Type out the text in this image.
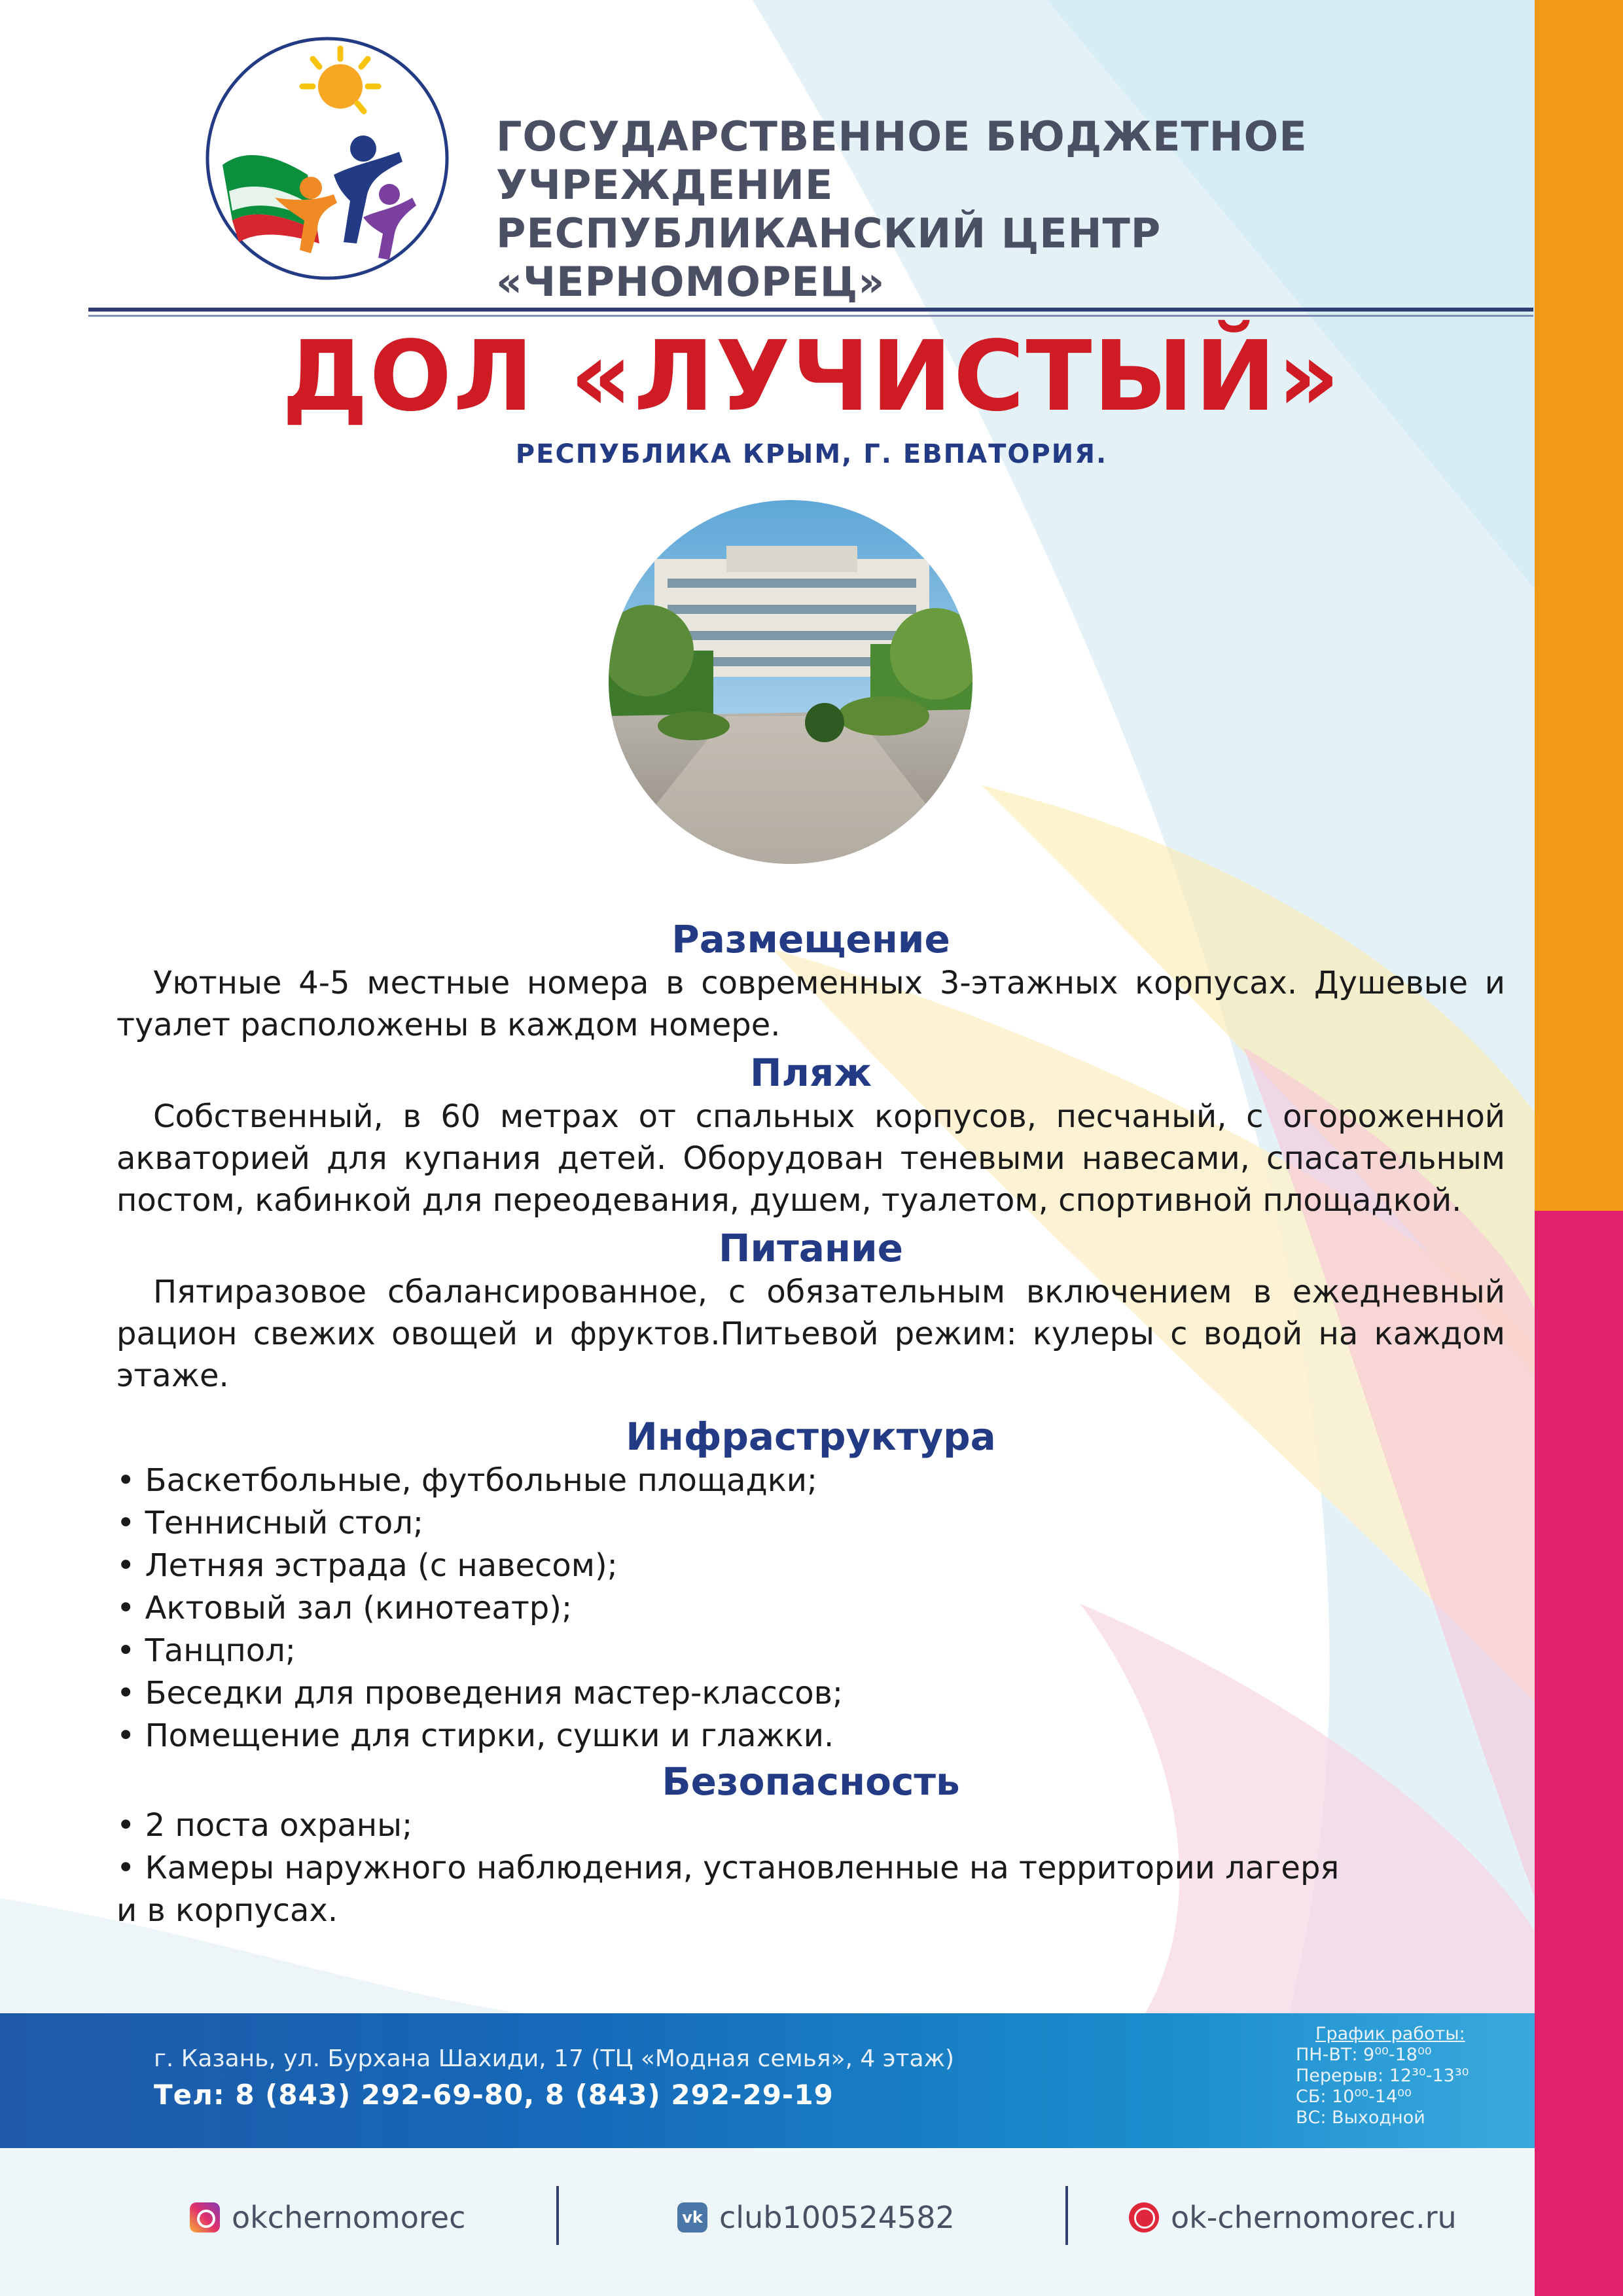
ГОСУДАРСТВЕННОЕ БЮДЖЕТНОЕ УЧРЕЖДЕНИЕ
РЕСПУБЛИКАНСКИЙ ЦЕНТР «ЧЕРНОМОРЕЦ»
ДОЛ «ЛУЧИСТЫЙ»
РЕСПУБЛИКА КРЫМ, Г. ЕВПАТОРИЯ.
Размещение

Уютные 4-5 местные номера в современных 3-этажных корпусах. Душевые и туалет расположены в каждом номере.

Пляж

Собственный, в 60 метрах от спальных корпусов, песчаный, с огороженной акваторией для купания детей. Оборудован теневыми навесами, спасательным постом, кабинкой для переодевания, душем, туалетом, спортивной площадкой.

Питание

Пятиразовое сбалансированное, с обязательным включением в ежедневный рацион свежих овощей и фруктов.Питьевой режим: кулеры с водой на каждом этаже.

Инфраструктура
• Баскетбольные, футбольные площадки;
• Теннисный стол;
• Летняя эстрада (с навесом);
• Актовый зал (кинотеатр);
• Танцпол;
• Беседки для проведения мастер-классов;
• Помещение для стирки, сушки и глажки.
Безопасность
• 2 поста охраны;
• Камеры наружного наблюдения, установленные на территории лагеря
и в корпусах.
г. Казань, ул. Бурхана Шахиди, 17 (ТЦ «Модная семья», 4 этаж)
Тел: 8 (843) 292-69-80, 8 (843) 292-29-19
График работы:
ПН-ВТ: 9⁰⁰-18⁰⁰
Перерыв: 12³⁰-13³⁰
СБ: 10⁰⁰-14⁰⁰
ВС: Выходной
okchernomorec	vk club100524582	ok-chernomorec.ru
